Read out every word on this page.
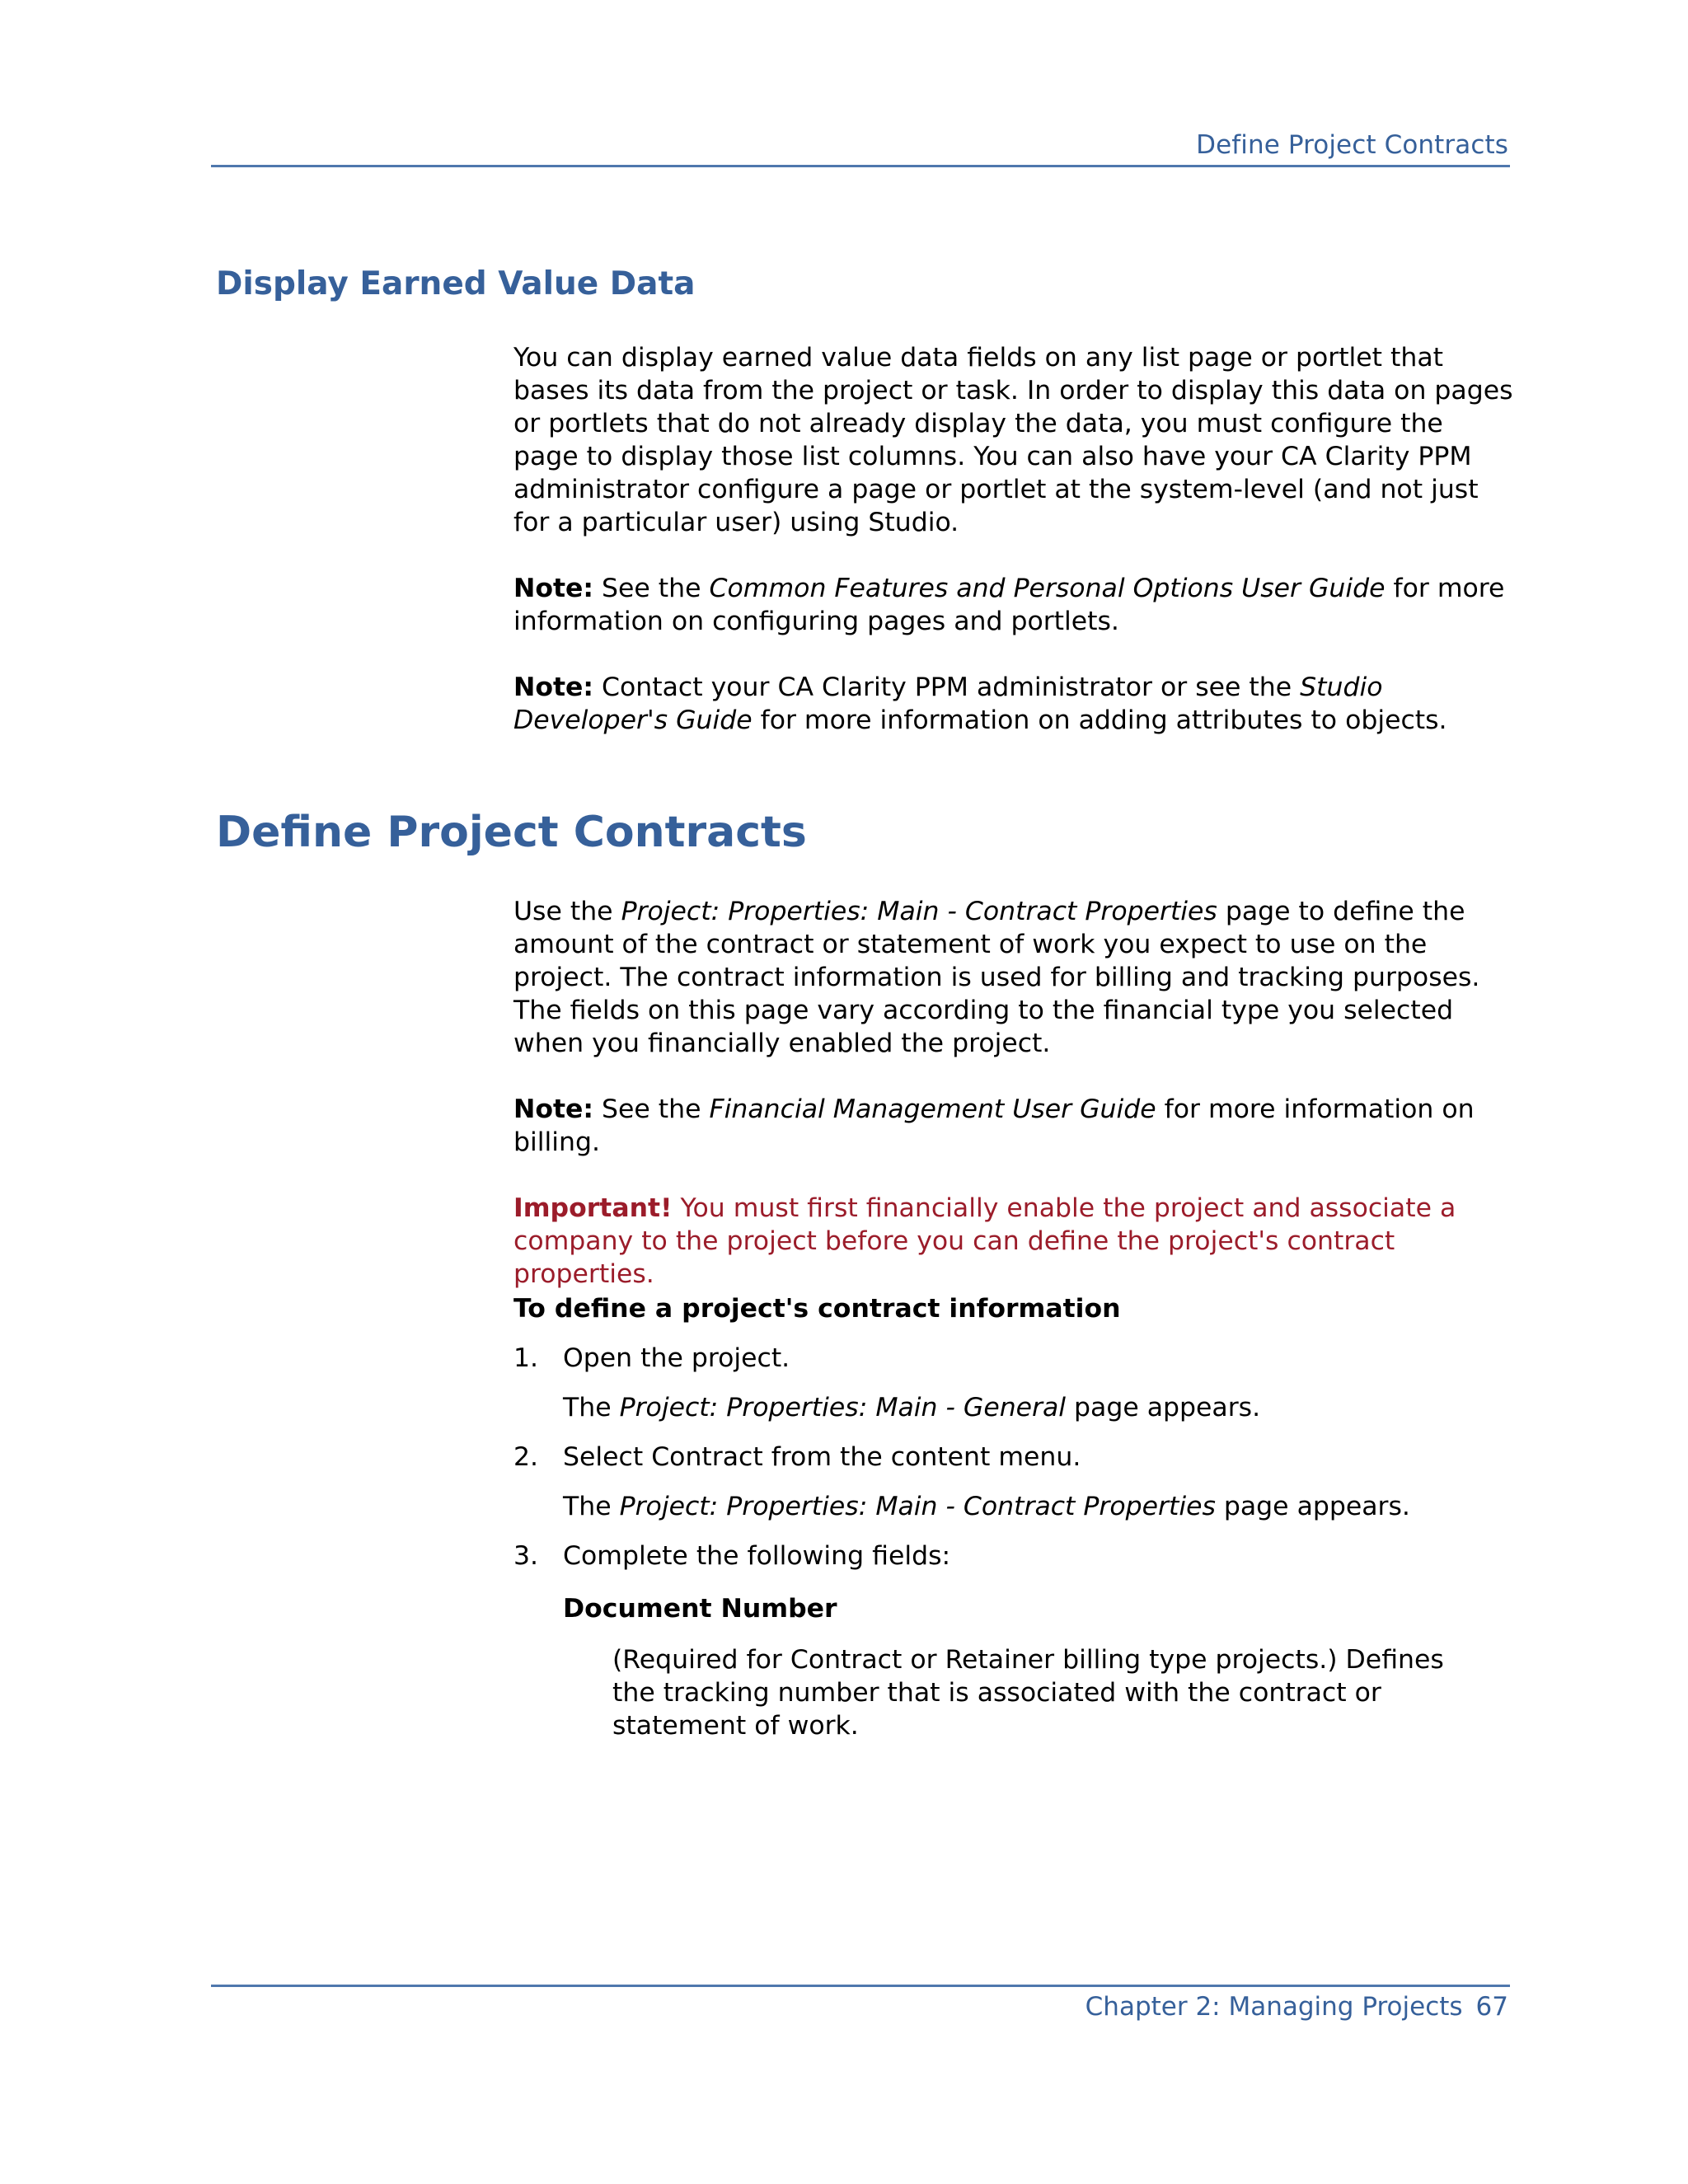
Define Project Contracts
Display Earned Value Data

You can display earned value data fields on any list page or portlet that bases its data from the project or task. In order to display this data on pages or portlets that do not already display the data, you must configure the page to display those list columns. You can also have your CA Clarity PPM administrator configure a page or portlet at the system-level (and not just for a particular user) using Studio.

Note: See the Common Features and Personal Options User Guide for more information on configuring pages and portlets.

Note: Contact your CA Clarity PPM administrator or see the Studio Developer's Guide for more information on adding attributes to objects.

Define Project Contracts

Use the Project: Properties: Main - Contract Properties page to define the amount of the contract or statement of work you expect to use on the project. The contract information is used for billing and tracking purposes. The fields on this page vary according to the financial type you selected when you financially enabled the project.

Note: See the Financial Management User Guide for more information on billing.

Important! You must first financially enable the project and associate a company to the project before you can define the project's contract properties.

To define a project's contract information

1. Open the project.
The Project: Properties: Main - General page appears.
2. Select Contract from the content menu.
The Project: Properties: Main - Contract Properties page appears.
3. Complete the following fields:
Document Number
(Required for Contract or Retainer billing type projects.) Defines the tracking number that is associated with the contract or statement of work.
Chapter 2: Managing Projects 67
